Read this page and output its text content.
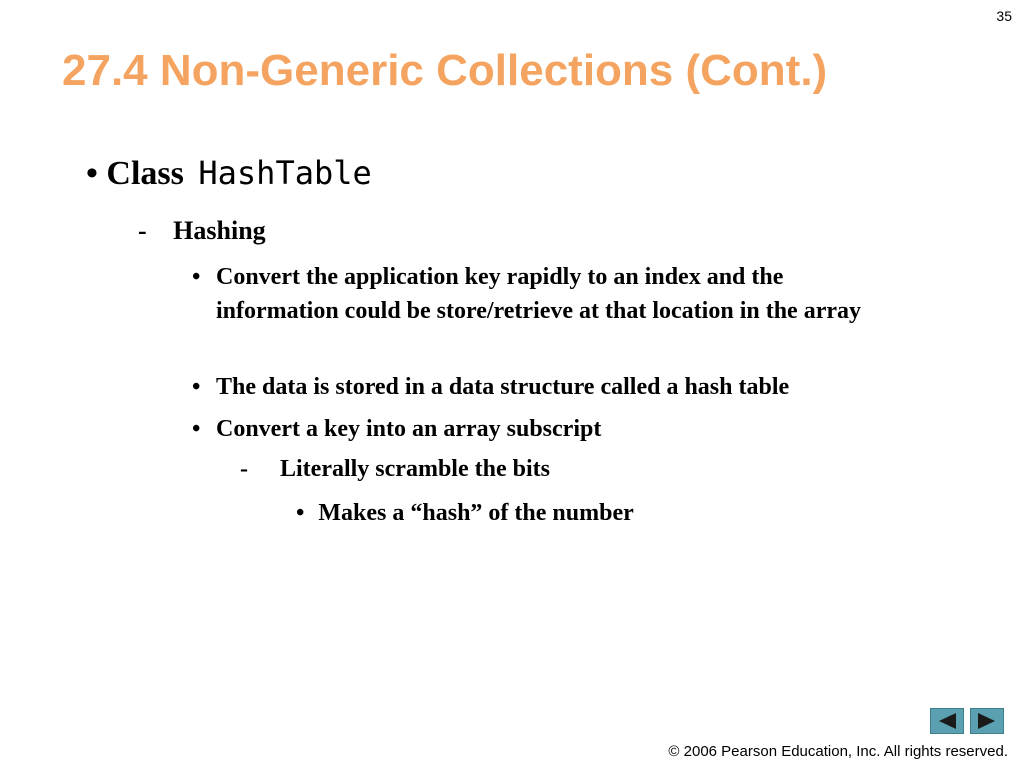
35
27.4 Non-Generic Collections (Cont.)
• Class HashTable
- Hashing
• Convert the application key rapidly to an index and the information could be store/retrieve at that location in the array
• The data is stored in a data structure called a hash table
• Convert a key into an array subscript
- Literally scramble the bits
• Makes a “hash” of the number
© 2006 Pearson Education, Inc. All rights reserved.
